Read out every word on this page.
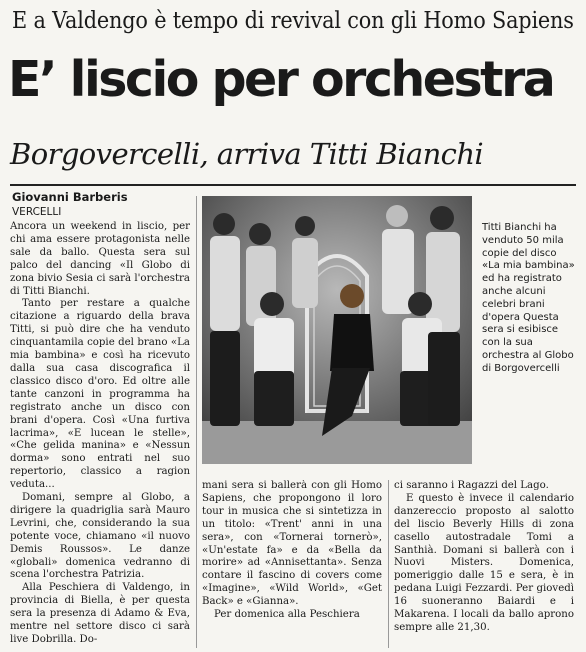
E a Valdengo è tempo di revival con gli Homo Sapiens
E’ liscio per orchestra
Borgovercelli, arriva Titti Bianchi
Giovanni Barberis
VERCELLI

Ancora un weekend in liscio, per chi ama essere protagonista nelle sale da ballo. Questa sera sul palco del dancing «Il Globo di zona bivio Sesia ci sarà l'orchestra di Titti Bianchi.

Tanto per restare a qualche citazione a riguardo della brava Titti, si può dire che ha venduto cinquantamila copie del brano «La mia bambina» e così ha ricevuto dalla sua casa discografica il classico disco d'oro. Ed oltre alle tante canzoni in programma ha registrato anche un disco con brani d'opera. Così «Una furtiva lacrima», «E lucean le stelle», «Che gelida manina» e «Nessun dorma» sono entrati nel suo repertorio, classico a ragion veduta...

Domani, sempre al Globo, a dirigere la quadriglia sarà Mauro Levrini, che, considerando la sua potente voce, chiamano «il nuovo Demis Roussos». Le danze «globali» domenica vedranno di scena l'orchestra Patrizia.

Alla Peschiera di Valdengo, in provincia di Biella, è per questa sera la presenza di Adamo & Eva, mentre nel settore disco ci sarà live Dobrilla. Do-

Titti Bianchi ha venduto 50 mila copie del disco «La mia bambina» ed ha registrato anche alcuni celebri brani d'opera Questa sera si esibisce con la sua orchestra al Globo di Borgovercelli

mani sera si ballerà con gli Homo Sapiens, che propongono il loro tour in musica che si sintetizza in un titolo: «Trent' anni in una sera», con «Tornerai tornerò», «Un'estate fa» e da «Bella da morire» ad «Annisettanta». Senza contare il fascino di covers come «Imagine», «Wild World», «Get Back» e «Gianna».

Per domenica alla Peschiera

ci saranno i Ragazzi del Lago.

E questo è invece il calendario danzereccio proposto al salotto del liscio Beverly Hills di zona casello autostradale Tomi a Santhià. Domani si ballerà con i Nuovi Misters. Domenica, pomeriggio dalle 15 e sera, è in pedana Luigi Fezzardi. Per giovedì 16 suoneranno Baiardi e i Makarena. I locali da ballo aprono sempre alle 21,30.
